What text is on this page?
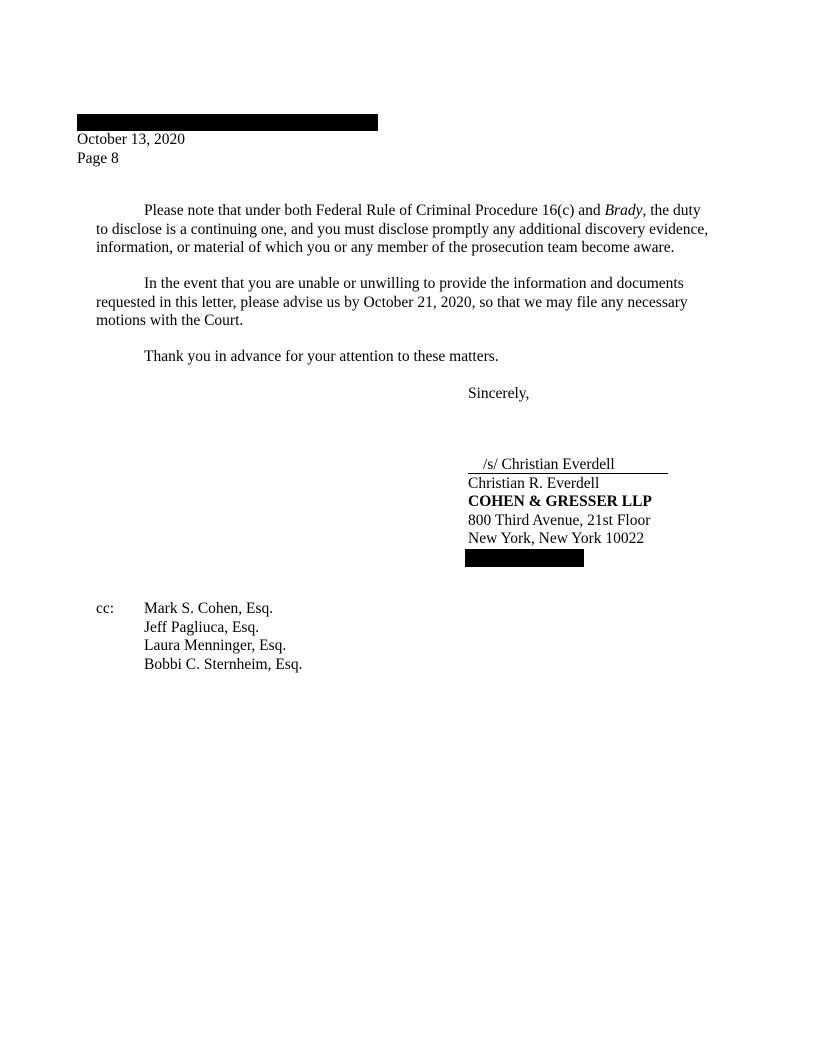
October 13, 2020
Page 8
Please note that under both Federal Rule of Criminal Procedure 16(c) and Brady, the duty
to disclose is a continuing one, and you must disclose promptly any additional discovery evidence,
information, or material of which you or any member of the prosecution team become aware.
In the event that you are unable or unwilling to provide the information and documents
requested in this letter, please advise us by October 21, 2020, so that we may file any necessary
motions with the Court.
Thank you in advance for your attention to these matters.
Sincerely,
/s/ Christian Everdell
Christian R. Everdell
COHEN & GRESSER LLP
800 Third Avenue, 21st Floor
New York, New York 10022
cc: Mark S. Cohen, Esq.
Jeff Pagliuca, Esq.
Laura Menninger, Esq.
Bobbi C. Sternheim, Esq.
